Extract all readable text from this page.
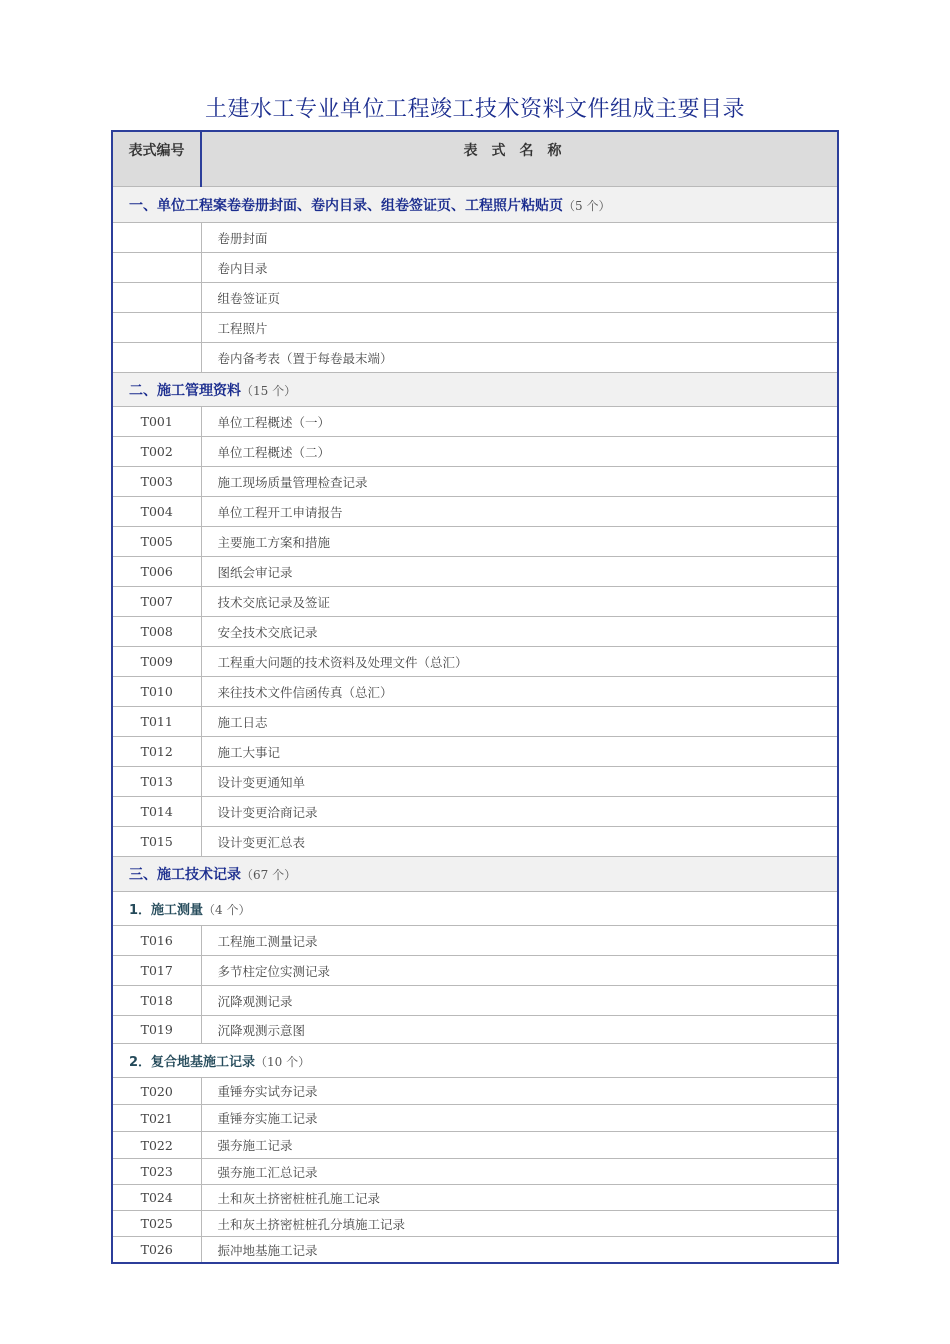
土建水工专业单位工程竣工技术资料文件组成主要目录
表式编号	表式名称
一、单位工程案卷卷册封面、卷内目录、组卷签证页、工程照片粘贴页（5 个）	
	卷册封面
	卷内目录
	组卷签证页
	工程照片
	卷内备考表（置于每卷最末端）
二、施工管理资料（15 个）	
T001	单位工程概述（一）
T002	单位工程概述（二）
T003	施工现场质量管理检查记录
T004	单位工程开工申请报告
T005	主要施工方案和措施
T006	图纸会审记录
T007	技术交底记录及签证
T008	安全技术交底记录
T009	工程重大问题的技术资料及处理文件（总汇）
T010	来往技术文件信函传真（总汇）
T011	施工日志
T012	施工大事记
T013	设计变更通知单
T014	设计变更洽商记录
T015	设计变更汇总表
三、施工技术记录（67 个）	
1．施工测量（4 个）	
T016	工程施工测量记录
T017	多节柱定位实测记录
T018	沉降观测记录
T019	沉降观测示意图
2．复合地基施工记录（10 个）	
T020	重锤夯实试夯记录
T021	重锤夯实施工记录
T022	强夯施工记录
T023	强夯施工汇总记录
T024	土和灰土挤密桩桩孔施工记录
T025	土和灰土挤密桩桩孔分填施工记录
T026	振冲地基施工记录
